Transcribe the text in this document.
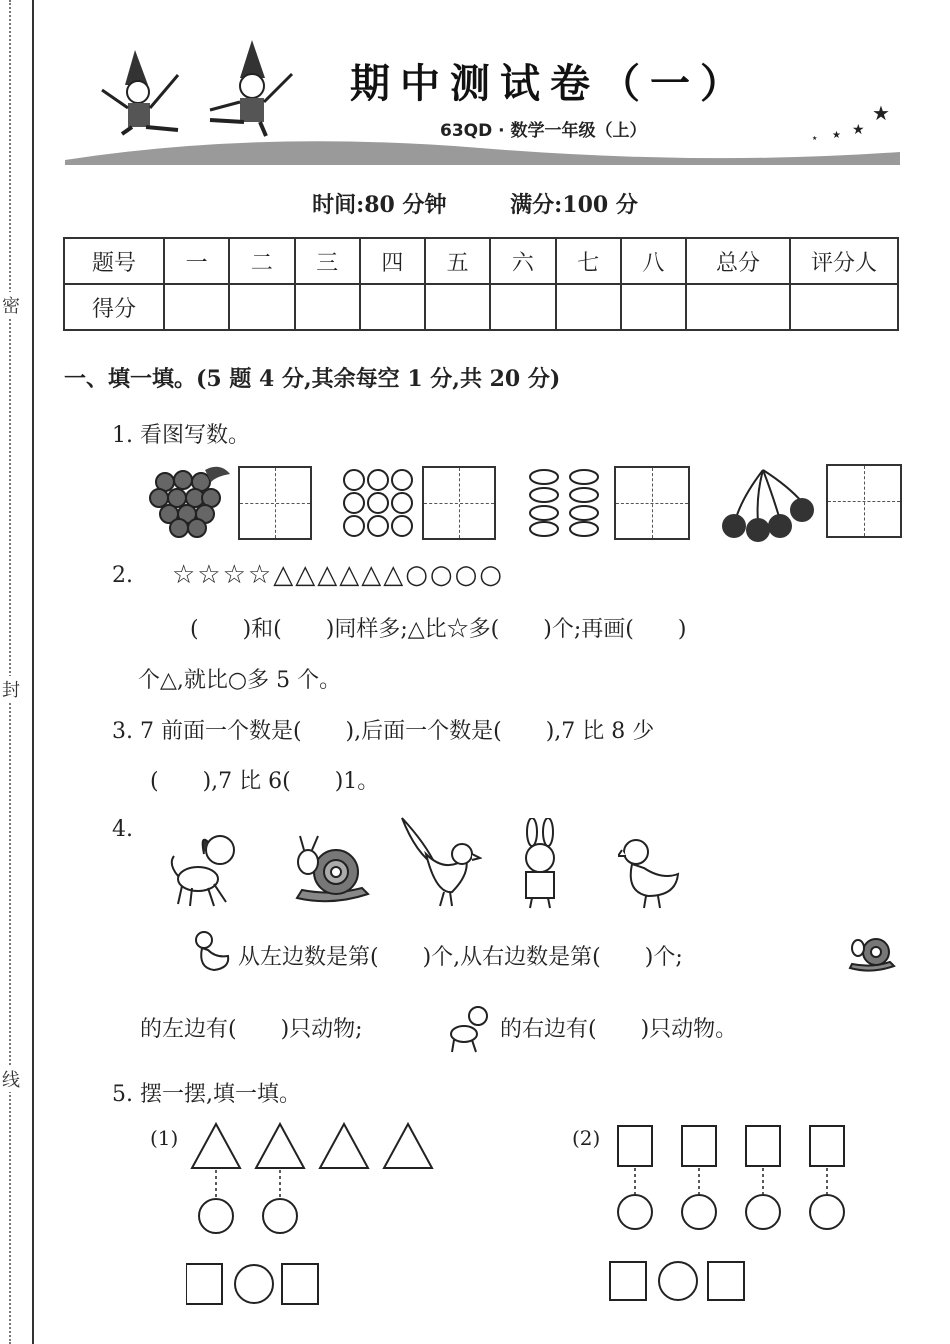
密
封
线
★
★
★
★
期中测试卷（一）
63QD · 数学一年级（上）
时间:80 分钟	满分:100 分
题号	一	二	三	四	五	六	七	八	总分	评分人
得分										
一、填一填。(5 题 4 分,其余每空 1 分,共 20 分)
1. 看图写数。
2. ☆☆☆☆△△△△△△○○○○
(　　)和(　　)同样多;△比☆多(　　)个;再画(　　)
个△,就比○多 5 个。
3. 7 前面一个数是(　　),后面一个数是(　　),7 比 8 少
(　　),7 比 6(　　)1。
4.
从左边数是第(　　)个,从右边数是第(　　)个;
的左边有(　　)只动物;	的右边有(　　)只动物。
5. 摆一摆,填一填。
(1)	(2)
